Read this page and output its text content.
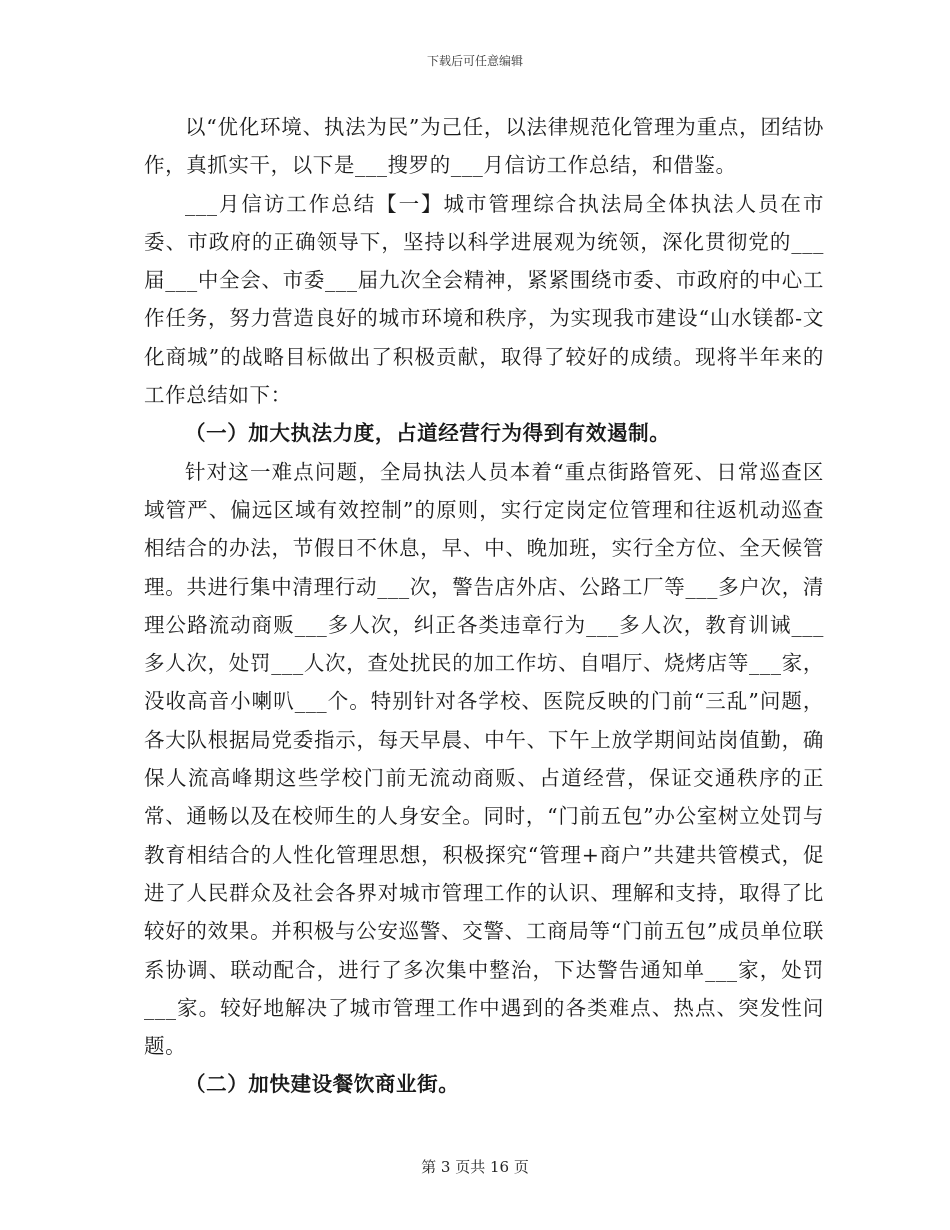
下载后可任意编辑

以“优化环境、执法为民”为己任，以法律规范化管理为重点，团结协作，真抓实干，以下是___搜罗的___月信访工作总结，和借鉴。

___月信访工作总结【一】城市管理综合执法局全体执法人员在市委、市政府的正确领导下，坚持以科学进展观为统领，深化贯彻党的___届___中全会、市委___届九次全会精神，紧紧围绕市委、市政府的中心工作任务，努力营造良好的城市环境和秩序，为实现我市建设“山水镁都-文化商城”的战略目标做出了积极贡献，取得了较好的成绩。现将半年来的工作总结如下：

（一）加大执法力度，占道经营行为得到有效遏制。

针对这一难点问题，全局执法人员本着“重点街路管死、日常巡查区域管严、偏远区域有效控制”的原则，实行定岗定位管理和往返机动巡查相结合的办法，节假日不休息，早、中、晚加班，实行全方位、全天候管理。共进行集中清理行动___次，警告店外店、公路工厂等___多户次，清理公路流动商贩___多人次，纠正各类违章行为___多人次，教育训诫___多人次，处罚___人次，查处扰民的加工作坊、自唱厅、烧烤店等___家，没收高音小喇叭___个。特别针对各学校、医院反映的门前“三乱”问题，各大队根据局党委指示，每天早晨、中午、下午上放学期间站岗值勤，确保人流高峰期这些学校门前无流动商贩、占道经营，保证交通秩序的正常、通畅以及在校师生的人身安全。同时，“门前五包”办公室树立处罚与教育相结合的人性化管理思想，积极探究“管理+商户”共建共管模式，促进了人民群众及社会各界对城市管理工作的认识、理解和支持，取得了比较好的效果。并积极与公安巡警、交警、工商局等“门前五包”成员单位联系协调、联动配合，进行了多次集中整治，下达警告通知单___家，处罚___家。较好地解决了城市管理工作中遇到的各类难点、热点、突发性问题。

（二）加快建设餐饮商业街。

第 3 页共 16 页
